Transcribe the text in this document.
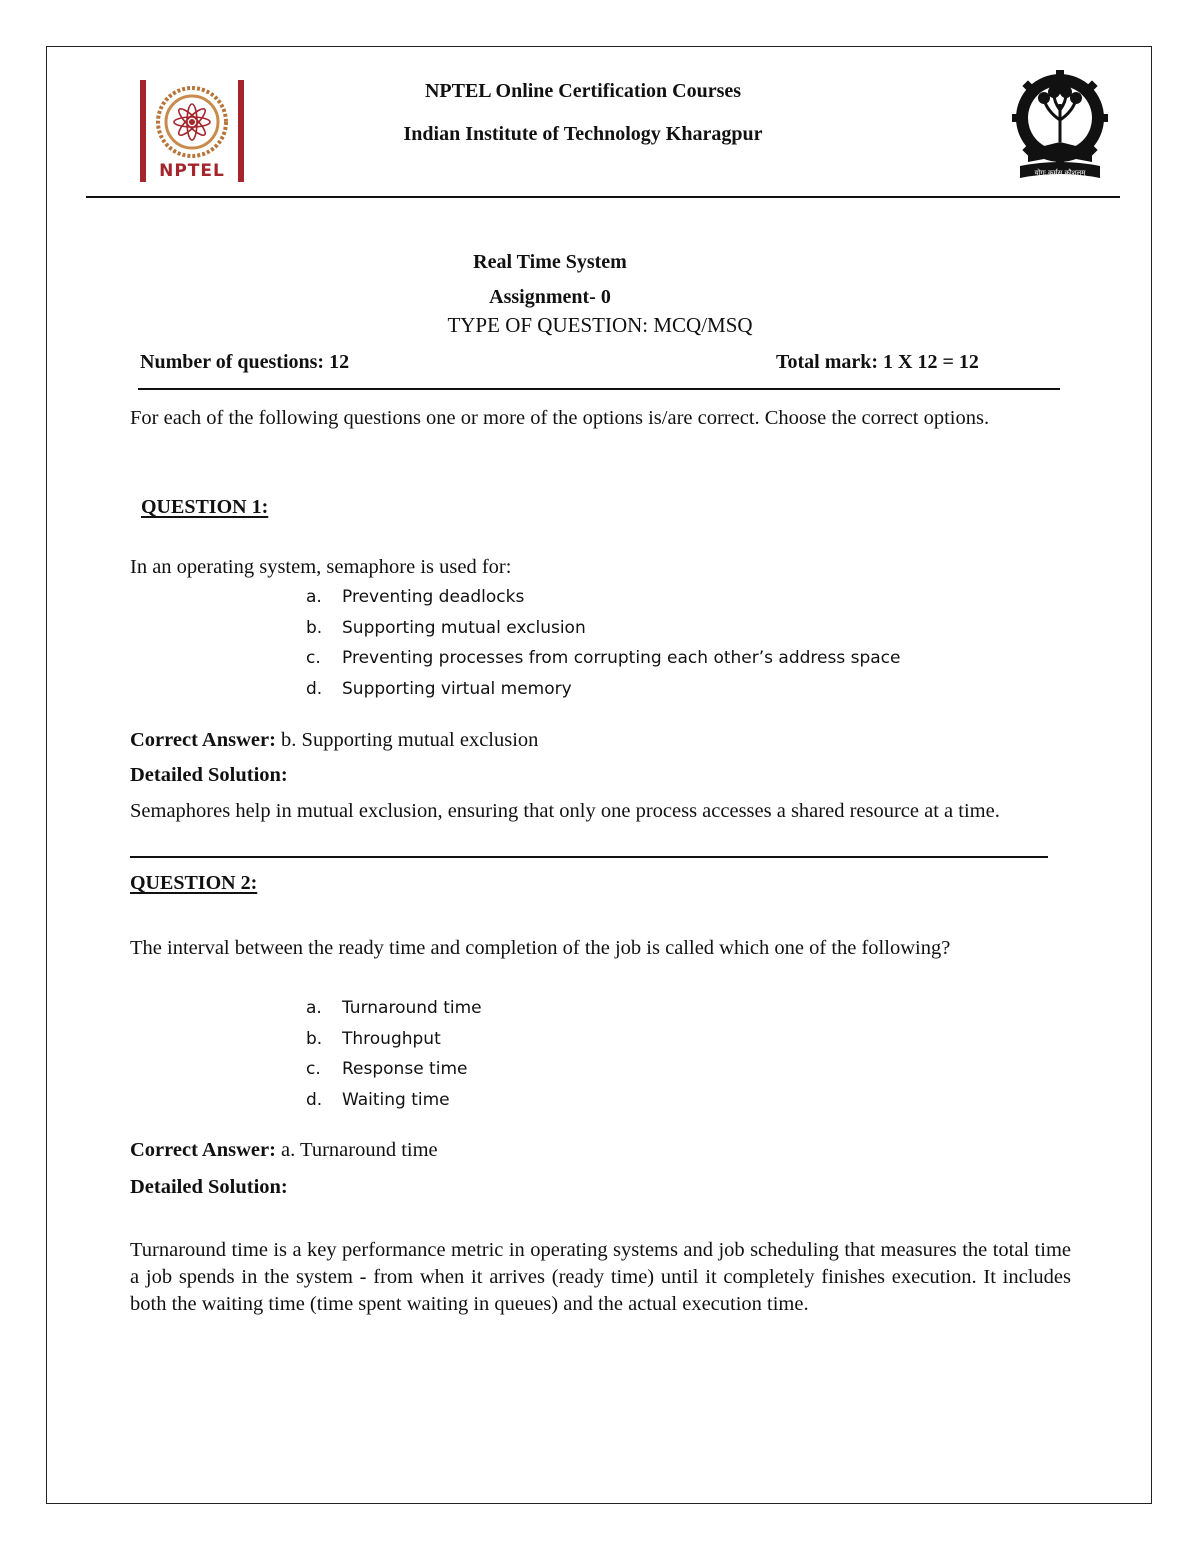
NPTEL
NPTEL Online Certification Courses
Indian Institute of Technology Kharagpur
योगः कर्मसु कौशलम्
Real Time System
Assignment- 0
TYPE OF QUESTION: MCQ/MSQ
Number of questions: 12	Total mark: 1 X 12 = 12
For each of the following questions one or more of the options is/are correct. Choose the correct options.
QUESTION 1:
In an operating system, semaphore is used for:
a. Preventing deadlocks
b. Supporting mutual exclusion
c. Preventing processes from corrupting each other’s address space
d. Supporting virtual memory
Correct Answer: b. Supporting mutual exclusion
Detailed Solution:
Semaphores help in mutual exclusion, ensuring that only one process accesses a shared resource at a time.
QUESTION 2:
The interval between the ready time and completion of the job is called which one of the following?
a. Turnaround time
b. Throughput
c. Response time
d. Waiting time
Correct Answer: a. Turnaround time
Detailed Solution:
Turnaround time is a key performance metric in operating systems and job scheduling that measures the total time a job spends in the system - from when it arrives (ready time) until it completely finishes execution. It includes both the waiting time (time spent waiting in queues) and the actual execution time.
